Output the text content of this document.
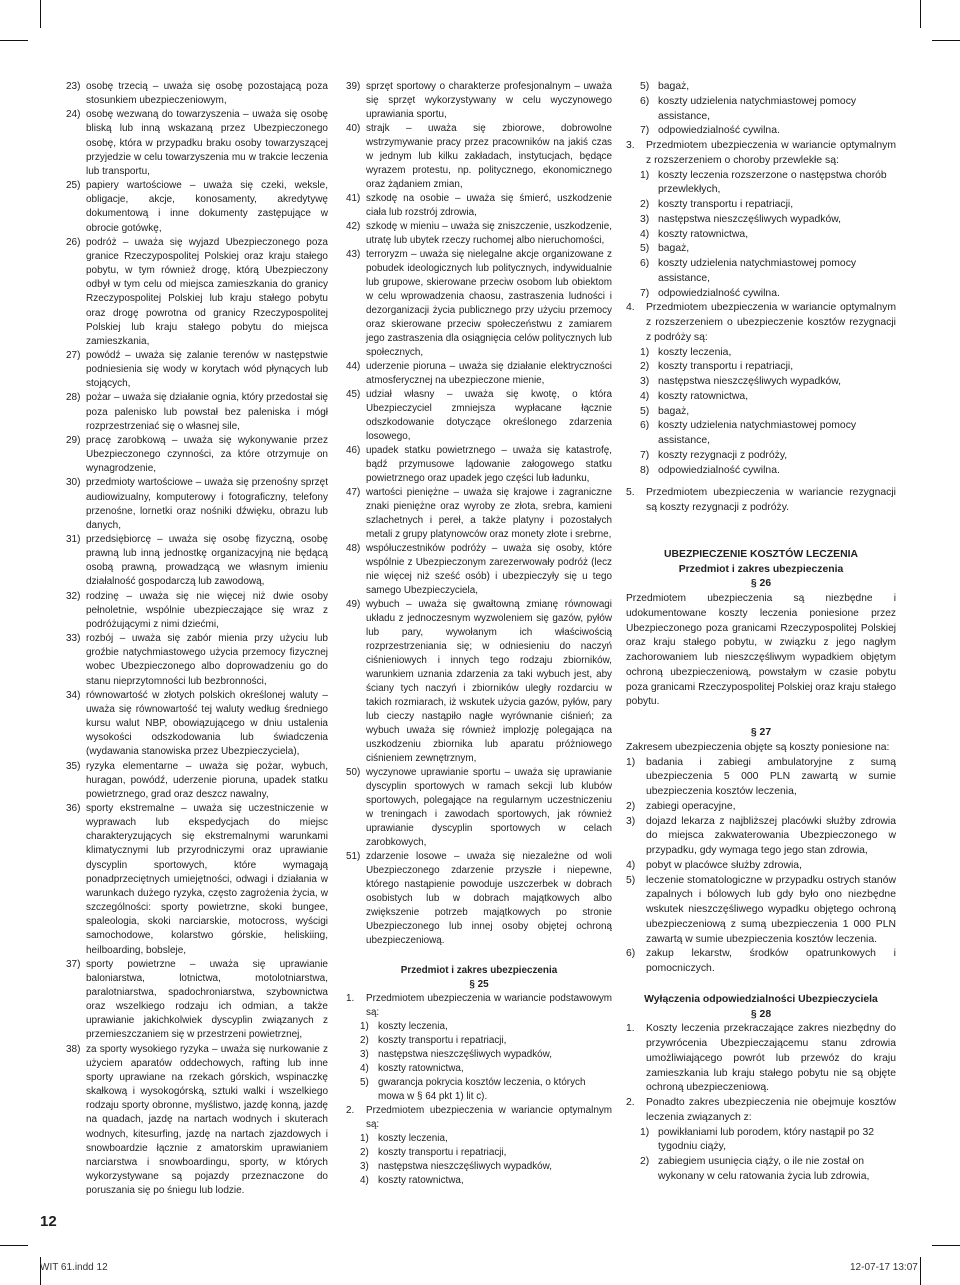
23) osobę trzecią – uważa się osobę pozostającą poza stosunkiem ubezpieczeniowym,
24) osobę wezwaną do towarzyszenia – uważa się osobę bliską lub inną wskazaną przez Ubezpieczonego osobę, która w przypadku braku osoby towarzyszącej przyjedzie w celu towarzyszenia mu w trakcie leczenia lub transportu,
25) papiery wartościowe – uważa się czeki, weksle, obligacje, akcje, konosamenty, akredytywę dokumentową i inne dokumenty zastępujące w obrocie gotówkę,
26) podróż – uważa się wyjazd Ubezpieczonego poza granice Rzeczypospolitej Polskiej oraz kraju stałego pobytu, w tym również drogę, którą Ubezpieczony odbył w tym celu od miejsca zamieszkania do granicy Rzeczypospolitej Polskiej lub kraju stałego pobytu oraz drogę powrotna od granicy Rzeczypospolitej Polskiej lub kraju stałego pobytu do miejsca zamieszkania,
27) powódź – uważa się zalanie terenów w następstwie podniesienia się wody w korytach wód płynących lub stojących,
28) pożar – uważa się działanie ognia, który przedostał się poza palenisko lub powstał bez paleniska i mógł rozprzestrzeniać się o własnej sile,
29) pracę zarobkową – uważa się wykonywanie przez Ubezpieczonego czynności, za które otrzymuje on wynagrodzenie,
30) przedmioty wartościowe – uważa się przenośny sprzęt audiowizualny, komputerowy i fotograficzny, telefony przenośne, lornetki oraz nośniki dźwięku, obrazu lub danych,
31) przedsiębiorcę – uważa się osobę fizyczną, osobę prawną lub inną jednostkę organizacyjną nie będącą osobą prawną, prowadzącą we własnym imieniu działalność gospodarczą lub zawodową,
32) rodzinę – uważa się nie więcej niż dwie osoby pełnoletnie, wspólnie ubezpieczające się wraz z podróżującymi z nimi dziećmi,
33) rozbój – uważa się zabór mienia przy użyciu lub groźbie natychmiastowego użycia przemocy fizycznej wobec Ubezpieczonego albo doprowadzeniu go do stanu nieprzytomności lub bezbronności,
34) równowartość w złotych polskich określonej waluty – uważa się równowartość tej waluty według średniego kursu walut NBP, obowiązującego w dniu ustalenia wysokości odszkodowania lub świadczenia (wydawania stanowiska przez Ubezpieczyciela),
35) ryzyka elementarne – uważa się pożar, wybuch, huragan, powódź, uderzenie pioruna, upadek statku powietrznego, grad oraz deszcz nawalny,
36) sporty ekstremalne – uważa się uczestniczenie w wyprawach lub ekspedycjach do miejsc charakteryzujących się ekstremalnymi warunkami klimatycznymi lub przyrodniczymi oraz uprawianie dyscyplin sportowych, które wymagają ponadprzeciętnych umiejętności, odwagi i działania w warunkach dużego ryzyka, często zagrożenia życia, w szczególności: sporty powietrzne, skoki bungee, spaleologia, skoki narciarskie, motocross, wyścigi samochodowe, kolarstwo górskie, heliskiing, heilboarding, bobsleje,
37) sporty powietrzne – uważa się uprawianie baloniarstwa, lotnictwa, motolotniarstwa, paralotniarstwa, spadochroniarstwa, szybownictwa oraz wszelkiego rodzaju ich odmian, a także uprawianie jakichkolwiek dyscyplin związanych z przemieszczaniem się w przestrzeni powietrznej,
38) za sporty wysokiego ryzyka – uważa się nurkowanie z użyciem aparatów oddechowych, rafting lub inne sporty uprawiane na rzekach górskich, wspinaczkę skałkową i wysokogórską, sztuki walki i wszelkiego rodzaju sporty obronne, myślistwo, jazdę konną, jazdę na quadach, jazdę na nartach wodnych i skuterach wodnych, kitesurfing, jazdę na nartach zjazdowych i snowboardzie łącznie z amatorskim uprawianiem narciarstwa i snowboardingu, sporty, w których wykorzystywane są pojazdy przeznaczone do poruszania się po śniegu lub lodzie.
39) sprzęt sportowy o charakterze profesjonalnym – uważa się sprzęt wykorzystywany w celu wyczynowego uprawiania sportu,
40) strajk – uważa się zbiorowe, dobrowolne wstrzymywanie pracy przez pracowników na jakiś czas w jednym lub kilku zakładach, instytucjach, będące wyrazem protestu, np. politycznego, ekonomicznego oraz żądaniem zmian,
41) szkodę na osobie – uważa się śmierć, uszkodzenie ciała lub rozstrój zdrowia,
42) szkodę w mieniu – uważa się zniszczenie, uszkodzenie, utratę lub ubytek rzeczy ruchomej albo nieruchomości,
43) terroryzm – uważa się nielegalne akcje organizowane z pobudek ideologicznych lub politycznych, indywidualnie lub grupowe, skierowane przeciw osobom lub obiektom w celu wprowadzenia chaosu, zastraszenia ludności i dezorganizacji życia publicznego przy użyciu przemocy oraz skierowane przeciw społeczeństwu z zamiarem jego zastraszenia dla osiągnięcia celów politycznych lub społecznych,
44) uderzenie pioruna – uważa się działanie elektryczności atmosferycznej na ubezpieczone mienie,
45) udział własny – uważa się kwotę, o która Ubezpieczyciel zmniejsza wypłacane łącznie odszkodowanie dotyczące określonego zdarzenia losowego,
46) upadek statku powietrznego – uważa się katastrofę, bądź przymusowe lądowanie załogowego statku powietrznego oraz upadek jego części lub ładunku,
47) wartości pieniężne – uważa się krajowe i zagraniczne znaki pieniężne oraz wyroby ze złota, srebra, kamieni szlachetnych i pereł, a także platyny i pozostałych metali z grupy platynowców oraz monety złote i srebrne,
48) współuczestników podróży – uważa się osoby, które wspólnie z Ubezpieczonym zarezerwowały podróż (lecz nie więcej niż sześć osób) i ubezpieczyły się u tego samego Ubezpieczyciela,
49) wybuch – uważa się gwałtowną zmianę równowagi układu z jednoczesnym wyzwoleniem się gazów, pyłów lub pary, wywołanym ich właściwością rozprzestrzeniania się; w odniesieniu do naczyń ciśnieniowych i innych tego rodzaju zbiorników, warunkiem uznania zdarzenia za taki wybuch jest, aby ściany tych naczyń i zbiorników uległy rozdarciu w takich rozmiarach, iż wskutek użycia gazów, pyłów, pary lub cieczy nastąpiło nagłe wyrównanie ciśnień; za wybuch uważa się również implozję polegająca na uszkodzeniu zbiornika lub aparatu próżniowego ciśnieniem zewnętrznym,
50) wyczynowe uprawianie sportu – uważa się uprawianie dyscyplin sportowych w ramach sekcji lub klubów sportowych, polegające na regularnym uczestniczeniu w treningach i zawodach sportowych, jak również uprawianie dyscyplin sportowych w celach zarobkowych,
51) zdarzenie losowe – uważa się niezależne od woli Ubezpieczonego zdarzenie przyszłe i niepewne, którego nastąpienie powoduje uszczerbek w dobrach osobistych lub w dobrach majątkowych albo zwiększenie potrzeb majątkowych po stronie Ubezpieczonego lub innej osoby objętej ochroną ubezpieczeniową.

Przedmiot i zakres ubezpieczenia

§ 25

1. Przedmiotem ubezpieczenia w wariancie podstawowym są:
1) koszty leczenia,
2) koszty transportu i repatriacji,
3) następstwa nieszczęśliwych wypadków,
4) koszty ratownictwa,
5) gwarancja pokrycia kosztów leczenia, o których mowa w § 64 pkt 1) lit c).
2. Przedmiotem ubezpieczenia w wariancie optymalnym są:
1) koszty leczenia,
2) koszty transportu i repatriacji,
3) następstwa nieszczęśliwych wypadków,
4) koszty ratownictwa,
5) bagaż,
6) koszty udzielenia natychmiastowej pomocy assistance,
7) odpowiedzialność cywilna.
3. Przedmiotem ubezpieczenia w wariancie optymalnym z rozszerzeniem o choroby przewlekłe są:
1) koszty leczenia rozszerzone o następstwa chorób przewlekłych,
2) koszty transportu i repatriacji,
3) następstwa nieszczęśliwych wypadków,
4) koszty ratownictwa,
5) bagaż,
6) koszty udzielenia natychmiastowej pomocy assistance,
7) odpowiedzialność cywilna.
4. Przedmiotem ubezpieczenia w wariancie optymalnym z rozszerzeniem o ubezpieczenie kosztów rezygnacji z podróży są:
1) koszty leczenia,
2) koszty transportu i repatriacji,
3) następstwa nieszczęśliwych wypadków,
4) koszty ratownictwa,
5) bagaż,
6) koszty udzielenia natychmiastowej pomocy assistance,
7) koszty rezygnacji z podróży,
8) odpowiedzialność cywilna.
5. Przedmiotem ubezpieczenia w wariancie rezygnacji są koszty rezygnacji z podróży.

UBEZPIECZENIE KOSZTÓW LECZENIA

Przedmiot i zakres ubezpieczenia

§ 26

Przedmiotem ubezpieczenia są niezbędne i udokumentowane koszty leczenia poniesione przez Ubezpieczonego poza granicami Rzeczypospolitej Polskiej oraz kraju stałego pobytu, w związku z jego nagłym zachorowaniem lub nieszczęśliwym wypadkiem objętym ochroną ubezpieczeniową, powstałym w czasie pobytu poza granicami Rzeczypospolitej Polskiej oraz kraju stałego pobytu.

§ 27

Zakresem ubezpieczenia objęte są koszty poniesione na:

1) badania i zabiegi ambulatoryjne z sumą ubezpieczenia 5 000 PLN zawartą w sumie ubezpieczenia kosztów leczenia,
2) zabiegi operacyjne,
3) dojazd lekarza z najbliższej placówki służby zdrowia do miejsca zakwaterowania Ubezpieczonego w przypadku, gdy wymaga tego jego stan zdrowia,
4) pobyt w placówce służby zdrowia,
5) leczenie stomatologiczne w przypadku ostrych stanów zapalnych i bólowych lub gdy było ono niezbędne wskutek nieszczęśliwego wypadku objętego ochroną ubezpieczeniową z sumą ubezpieczenia 1 000 PLN zawartą w sumie ubezpieczenia kosztów leczenia.
6) zakup lekarstw, środków opatrunkowych i pomocniczych.

Wyłączenia odpowiedzialności Ubezpieczyciela

§ 28

1. Koszty leczenia przekraczające zakres niezbędny do przywrócenia Ubezpieczającemu stanu zdrowia umożliwiającego powrót lub przewóz do kraju zamieszkania lub kraju stałego pobytu nie są objęte ochroną ubezpieczeniową.
2. Ponadto zakres ubezpieczenia nie obejmuje kosztów leczenia związanych z:
1) powikłaniami lub porodem, który nastąpił po 32 tygodniu ciąży,
2) zabiegiem usunięcia ciąży, o ile nie został on wykonany w celu ratowania życia lub zdrowia,
12
WIT 61.indd 12	12-07-17 13:07
